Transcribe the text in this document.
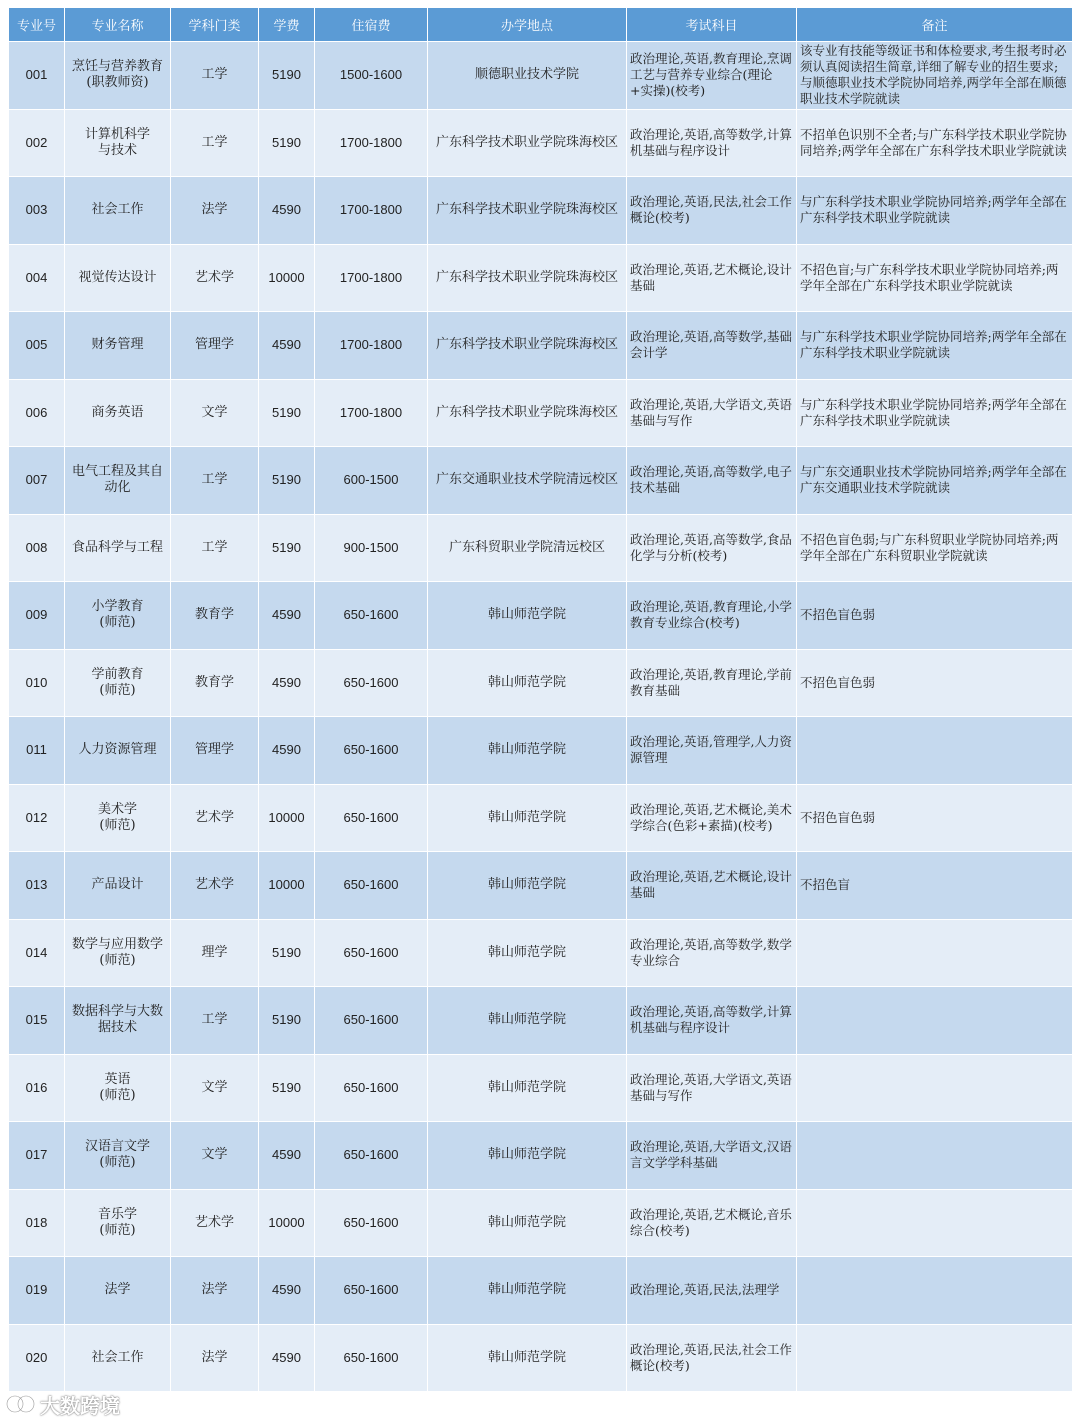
专业号	专业名称	学科门类	学费	住宿费	办学地点	考试科目	备注
001	烹饪与营养教育
(职教师资)	工学	5190	1500-1600	顺德职业技术学院	政治理论,英语,教育理论,烹调工艺与营养专业综合(理论+实操)(校考)	该专业有技能等级证书和体检要求,考生报考时必须认真阅读招生简章,详细了解专业的招生要求;与顺德职业技术学院协同培养,两学年全部在顺德职业技术学院就读
002	计算机科学
与技术	工学	5190	1700-1800	广东科学技术职业学院珠海校区	政治理论,英语,高等数学,计算机基础与程序设计	不招单色识别不全者;与广东科学技术职业学院协同培养;两学年全部在广东科学技术职业学院就读
003	社会工作	法学	4590	1700-1800	广东科学技术职业学院珠海校区	政治理论,英语,民法,社会工作概论(校考)	与广东科学技术职业学院协同培养;两学年全部在广东科学技术职业学院就读
004	视觉传达设计	艺术学	10000	1700-1800	广东科学技术职业学院珠海校区	政治理论,英语,艺术概论,设计基础	不招色盲;与广东科学技术职业学院协同培养;两学年全部在广东科学技术职业学院就读
005	财务管理	管理学	4590	1700-1800	广东科学技术职业学院珠海校区	政治理论,英语,高等数学,基础会计学	与广东科学技术职业学院协同培养;两学年全部在广东科学技术职业学院就读
006	商务英语	文学	5190	1700-1800	广东科学技术职业学院珠海校区	政治理论,英语,大学语文,英语基础与写作	与广东科学技术职业学院协同培养;两学年全部在广东科学技术职业学院就读
007	电气工程及其自
动化	工学	5190	600-1500	广东交通职业技术学院清远校区	政治理论,英语,高等数学,电子技术基础	与广东交通职业技术学院协同培养;两学年全部在广东交通职业技术学院就读
008	食品科学与工程	工学	5190	900-1500	广东科贸职业学院清远校区	政治理论,英语,高等数学,食品化学与分析(校考)	不招色盲色弱;与广东科贸职业学院协同培养;两学年全部在广东科贸职业学院就读
009	小学教育
(师范)	教育学	4590	650-1600	韩山师范学院	政治理论,英语,教育理论,小学教育专业综合(校考)	不招色盲色弱
010	学前教育
(师范)	教育学	4590	650-1600	韩山师范学院	政治理论,英语,教育理论,学前教育基础	不招色盲色弱
011	人力资源管理	管理学	4590	650-1600	韩山师范学院	政治理论,英语,管理学,人力资源管理	
012	美术学
(师范)	艺术学	10000	650-1600	韩山师范学院	政治理论,英语,艺术概论,美术学综合(色彩+素描)(校考)	不招色盲色弱
013	产品设计	艺术学	10000	650-1600	韩山师范学院	政治理论,英语,艺术概论,设计基础	不招色盲
014	数学与应用数学
(师范)	理学	5190	650-1600	韩山师范学院	政治理论,英语,高等数学,数学专业综合	
015	数据科学与大数
据技术	工学	5190	650-1600	韩山师范学院	政治理论,英语,高等数学,计算机基础与程序设计	
016	英语
(师范)	文学	5190	650-1600	韩山师范学院	政治理论,英语,大学语文,英语基础与写作	
017	汉语言文学
(师范)	文学	4590	650-1600	韩山师范学院	政治理论,英语,大学语文,汉语言文学学科基础	
018	音乐学
(师范)	艺术学	10000	650-1600	韩山师范学院	政治理论,英语,艺术概论,音乐综合(校考)	
019	法学	法学	4590	650-1600	韩山师范学院	政治理论,英语,民法,法理学	
020	社会工作	法学	4590	650-1600	韩山师范学院	政治理论,英语,民法,社会工作概论(校考)	
大数跨境
